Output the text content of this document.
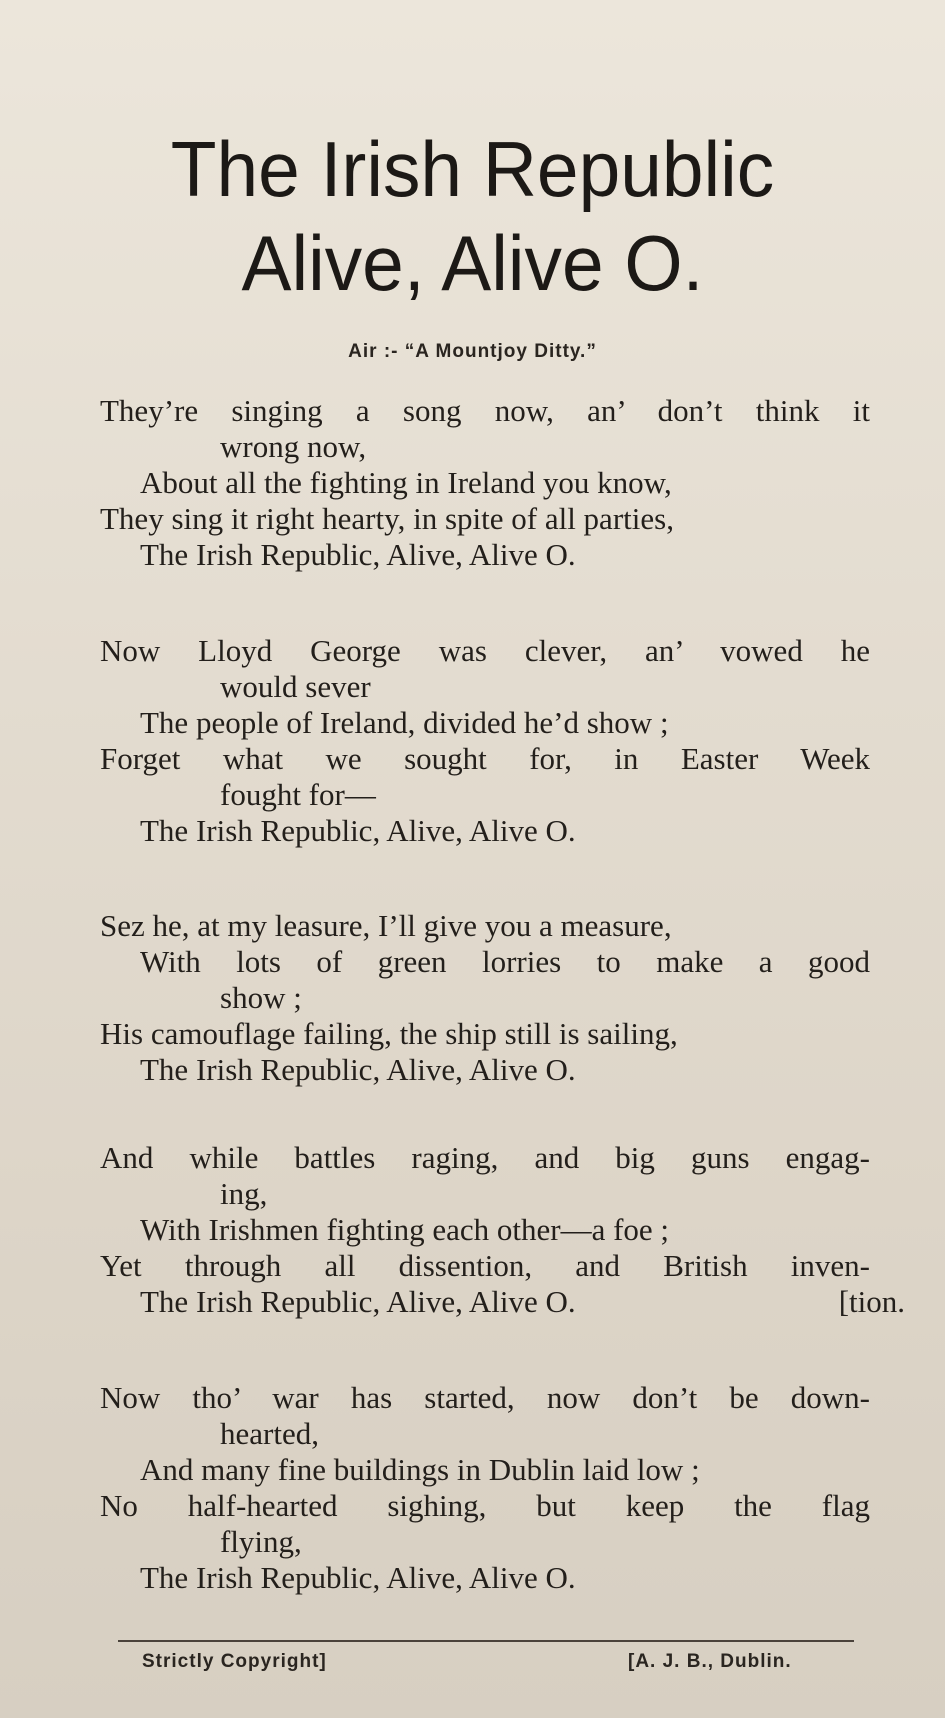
The Irish Republic
Alive, Alive O.
Air :- “A Mountjoy Ditty.”
They’re singing a song now, an’ don’t think it
wrong now,
About all the fighting in Ireland you know,
They sing it right hearty, in spite of all parties,
The Irish Republic, Alive, Alive O.
Now Lloyd George was clever, an’ vowed he
would sever
The people of Ireland, divided he’d show ;
Forget what we sought for, in Easter Week
fought for—
The Irish Republic, Alive, Alive O.
Sez he, at my leasure, I’ll give you a measure,
With lots of green lorries to make a good
show ;
His camouflage failing, the ship still is sailing,
The Irish Republic, Alive, Alive O.
And while battles raging, and big guns engag-
ing,
With Irishmen fighting each other—a foe ;
Yet through all dissention, and British inven-
The Irish Republic, Alive, Alive O.	[tion.
Now tho’ war has started, now don’t be down-
hearted,
And many fine buildings in Dublin laid low ;
No half-hearted sighing, but keep the flag
flying,
The Irish Republic, Alive, Alive O.
Strictly Copyright]	[A. J. B., Dublin.
